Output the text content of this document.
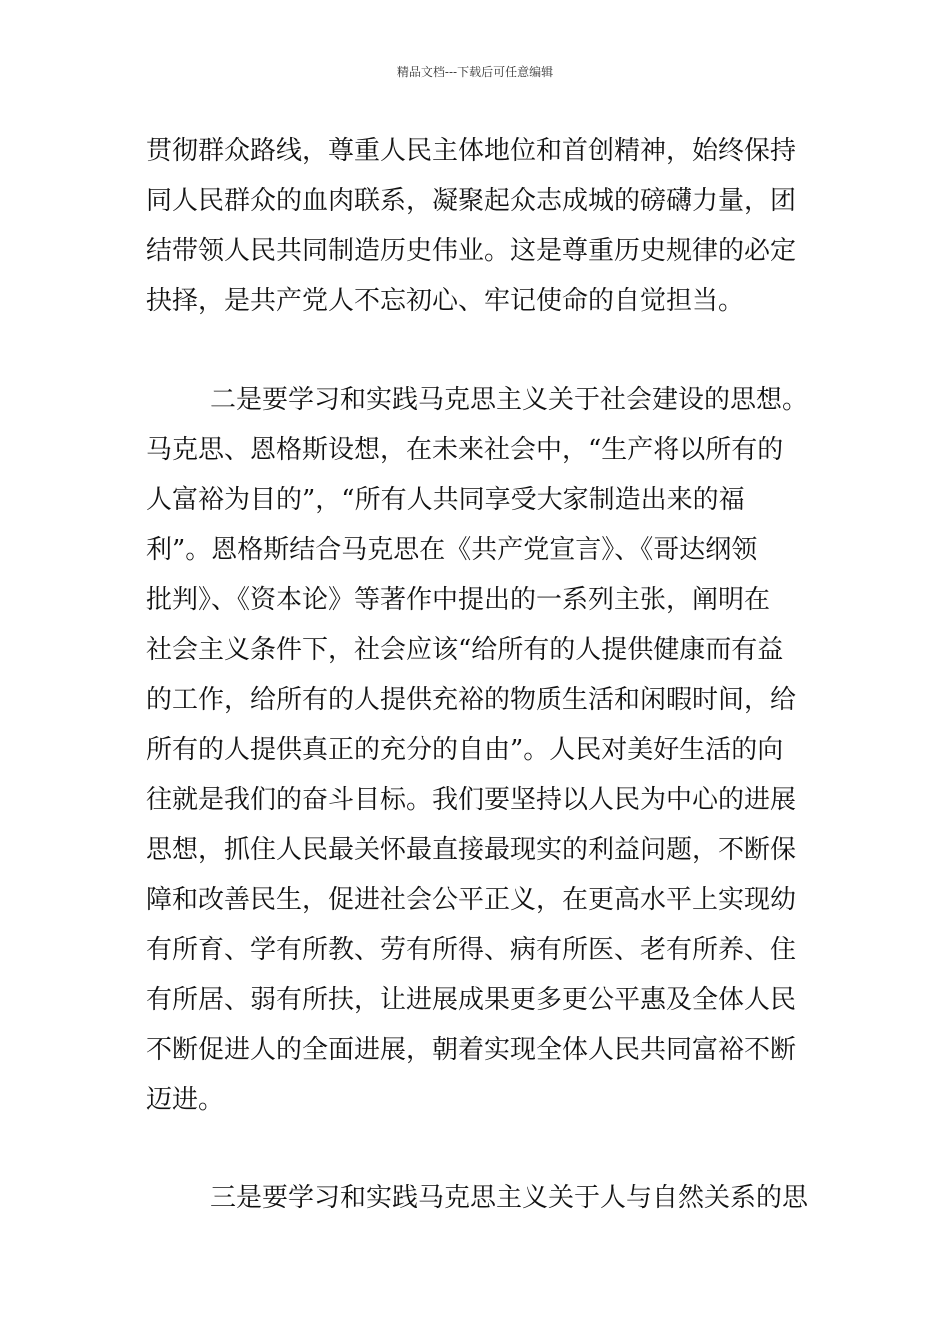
精品文档---下载后可任意编辑
贯彻群众路线，尊重人民主体地位和首创精神，始终保持
同人民群众的血肉联系，凝聚起众志成城的磅礴力量，团
结带领人民共同制造历史伟业。这是尊重历史规律的必定
抉择，是共产党人不忘初心、牢记使命的自觉担当。
二是要学习和实践马克思主义关于社会建设的思想。
马克思、恩格斯设想，在未来社会中，“生产将以所有的
人富裕为目的”，“所有人共同享受大家制造出来的福
利”。恩格斯结合马克思在《共产党宣言》、《哥达纲领
批判》、《资本论》等著作中提出的一系列主张，阐明在
社会主义条件下，社会应该“给所有的人提供健康而有益
的工作，给所有的人提供充裕的物质生活和闲暇时间，给
所有的人提供真正的充分的自由”。人民对美好生活的向
往就是我们的奋斗目标。我们要坚持以人民为中心的进展
思想，抓住人民最关怀最直接最现实的利益问题，不断保
障和改善民生，促进社会公平正义，在更高水平上实现幼
有所育、学有所教、劳有所得、病有所医、老有所养、住
有所居、弱有所扶，让进展成果更多更公平惠及全体人民
不断促进人的全面进展，朝着实现全体人民共同富裕不断
迈进。
三是要学习和实践马克思主义关于人与自然关系的思
